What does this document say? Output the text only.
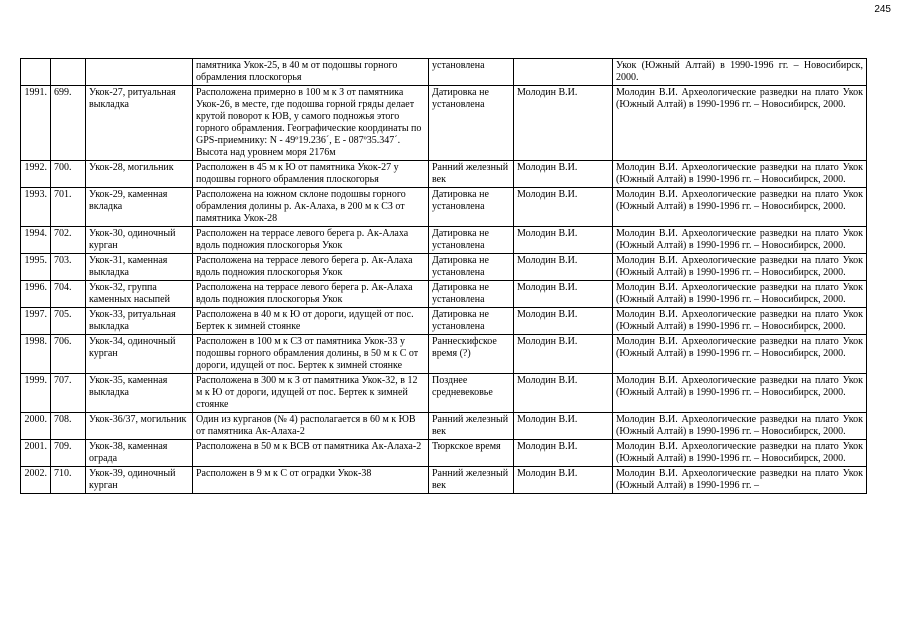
245
			памятника Укок-25, в 40 м от подошвы горного обрамления плоскогорья	установлена		Укок (Южный Алтай) в 1990-1996 гг. – Новосибирск, 2000.
1991.	699.	Укок-27, ритуальная выкладка	Расположена примерно в 100 м к З от памятника Укок-26, в месте, где подошва горной гряды делает крутой поворот к ЮВ, у самого подножья этого горного обрамления. Географические координаты по GPS-приемнику: N - 49º19.236´, E - 087º35.347´. Высота над уровнем моря 2176м	Датировка не установлена	Молодин В.И.	Молодин В.И. Археологические разведки на плато Укок (Южный Алтай) в 1990-1996 гг. – Новосибирск, 2000.
1992.	700.	Укок-28, могильник	Расположен в 45 м к Ю от памятника Укок-27 у подошвы горного обрамления плоскогорья	Ранний железный век	Молодин В.И.	Молодин В.И. Археологические разведки на плато Укок (Южный Алтай) в 1990-1996 гг. – Новосибирск, 2000.
1993.	701.	Укок-29, каменная вкладка	Расположена на южном склоне подошвы горного обрамления долины р. Ак-Алаха, в 200 м к СЗ от памятника Укок-28	Датировка не установлена	Молодин В.И.	Молодин В.И. Археологические разведки на плато Укок (Южный Алтай) в 1990-1996 гг. – Новосибирск, 2000.
1994.	702.	Укок-30, одиночный курган	Расположен на террасе левого берега р. Ак-Алаха вдоль подножия плоскогорья Укок	Датировка не установлена	Молодин В.И.	Молодин В.И. Археологические разведки на плато Укок (Южный Алтай) в 1990-1996 гг. – Новосибирск, 2000.
1995.	703.	Укок-31, каменная выкладка	Расположена на террасе левого берега р. Ак-Алаха вдоль подножия плоскогорья Укок	Датировка не установлена	Молодин В.И.	Молодин В.И. Археологические разведки на плато Укок (Южный Алтай) в 1990-1996 гг. – Новосибирск, 2000.
1996.	704.	Укок-32, группа каменных насыпей	Расположена на террасе левого берега р. Ак-Алаха вдоль подножия плоскогорья Укок	Датировка не установлена	Молодин В.И.	Молодин В.И. Археологические разведки на плато Укок (Южный Алтай) в 1990-1996 гг. – Новосибирск, 2000.
1997.	705.	Укок-33, ритуальная выкладка	Расположена в 40 м к Ю от дороги, идущей от пос. Бертек к зимней стоянке	Датировка не установлена	Молодин В.И.	Молодин В.И. Археологические разведки на плато Укок (Южный Алтай) в 1990-1996 гг. – Новосибирск, 2000.
1998.	706.	Укок-34, одиночный курган	Расположен в 100 м к СЗ от памятника Укок-33 у подошвы горного обрамления долины, в 50 м к С от дороги, идущей от пос. Бертек к зимней стоянке	Раннескифское время (?)	Молодин В.И.	Молодин В.И. Археологические разведки на плато Укок (Южный Алтай) в 1990-1996 гг. – Новосибирск, 2000.
1999.	707.	Укок-35, каменная выкладка	Расположена в 300 м к З от памятника Укок-32, в 12 м к Ю от дороги, идущей от пос. Бертек к зимней стоянке	Позднее средневековье	Молодин В.И.	Молодин В.И. Археологические разведки на плато Укок (Южный Алтай) в 1990-1996 гг. – Новосибирск, 2000.
2000.	708.	Укок-36/37, могильник	Один из курганов (№ 4) располагается в 60 м к ЮВ от памятника Ак-Алаха-2	Ранний железный век	Молодин В.И.	Молодин В.И. Археологические разведки на плато Укок (Южный Алтай) в 1990-1996 гг. – Новосибирск, 2000.
2001.	709.	Укок-38, каменная ограда	Расположена в 50 м к ВСВ от памятника Ак-Алаха-2	Тюркское время	Молодин В.И.	Молодин В.И. Археологические разведки на плато Укок (Южный Алтай) в 1990-1996 гг. – Новосибирск, 2000.
2002.	710.	Укок-39, одиночный курган	Расположен в 9 м к С от оградки Укок-38	Ранний железный век	Молодин В.И.	Молодин В.И. Археологические разведки на плато Укок (Южный Алтай) в 1990-1996 гг. –
